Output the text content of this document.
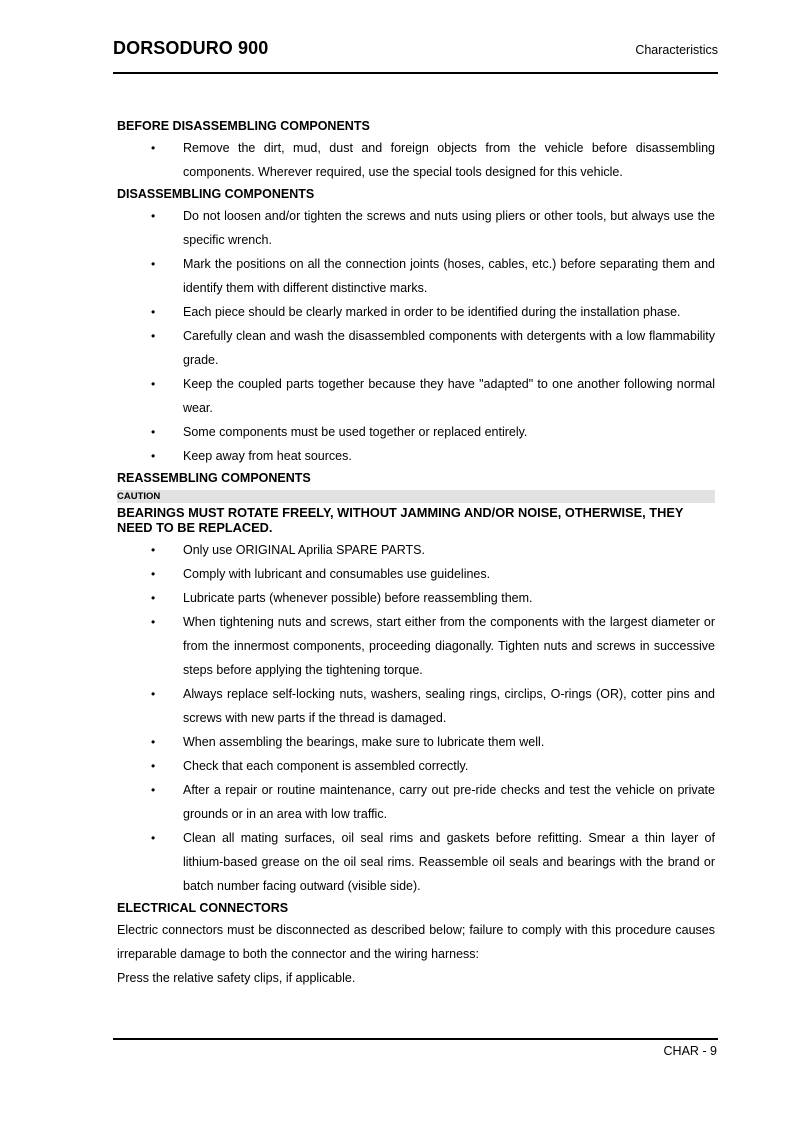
DORSODURO 900	Characteristics
BEFORE DISASSEMBLING COMPONENTS
• Remove the dirt, mud, dust and foreign objects from the vehicle before disassembling components. Wherever required, use the special tools designed for this vehicle.
DISASSEMBLING COMPONENTS
• Do not loosen and/or tighten the screws and nuts using pliers or other tools, but always use the specific wrench.
• Mark the positions on all the connection joints (hoses, cables, etc.) before separating them and identify them with different distinctive marks.
• Each piece should be clearly marked in order to be identified during the installation phase.
• Carefully clean and wash the disassembled components with detergents with a low flammability grade.
• Keep the coupled parts together because they have "adapted" to one another following normal wear.
• Some components must be used together or replaced entirely.
• Keep away from heat sources.
REASSEMBLING COMPONENTS
CAUTION
BEARINGS MUST ROTATE FREELY, WITHOUT JAMMING AND/OR NOISE, OTHERWISE, THEY NEED TO BE REPLACED.
• Only use ORIGINAL Aprilia SPARE PARTS.
• Comply with lubricant and consumables use guidelines.
• Lubricate parts (whenever possible) before reassembling them.
• When tightening nuts and screws, start either from the components with the largest diameter or from the innermost components, proceeding diagonally. Tighten nuts and screws in successive steps before applying the tightening torque.
• Always replace self-locking nuts, washers, sealing rings, circlips, O-rings (OR), cotter pins and screws with new parts if the thread is damaged.
• When assembling the bearings, make sure to lubricate them well.
• Check that each component is assembled correctly.
• After a repair or routine maintenance, carry out pre-ride checks and test the vehicle on private grounds or in an area with low traffic.
• Clean all mating surfaces, oil seal rims and gaskets before refitting. Smear a thin layer of lithium-based grease on the oil seal rims. Reassemble oil seals and bearings with the brand or batch number facing outward (visible side).
ELECTRICAL CONNECTORS

Electric connectors must be disconnected as described below; failure to comply with this procedure causes irreparable damage to both the connector and the wiring harness:

Press the relative safety clips, if applicable.

CHAR - 9
